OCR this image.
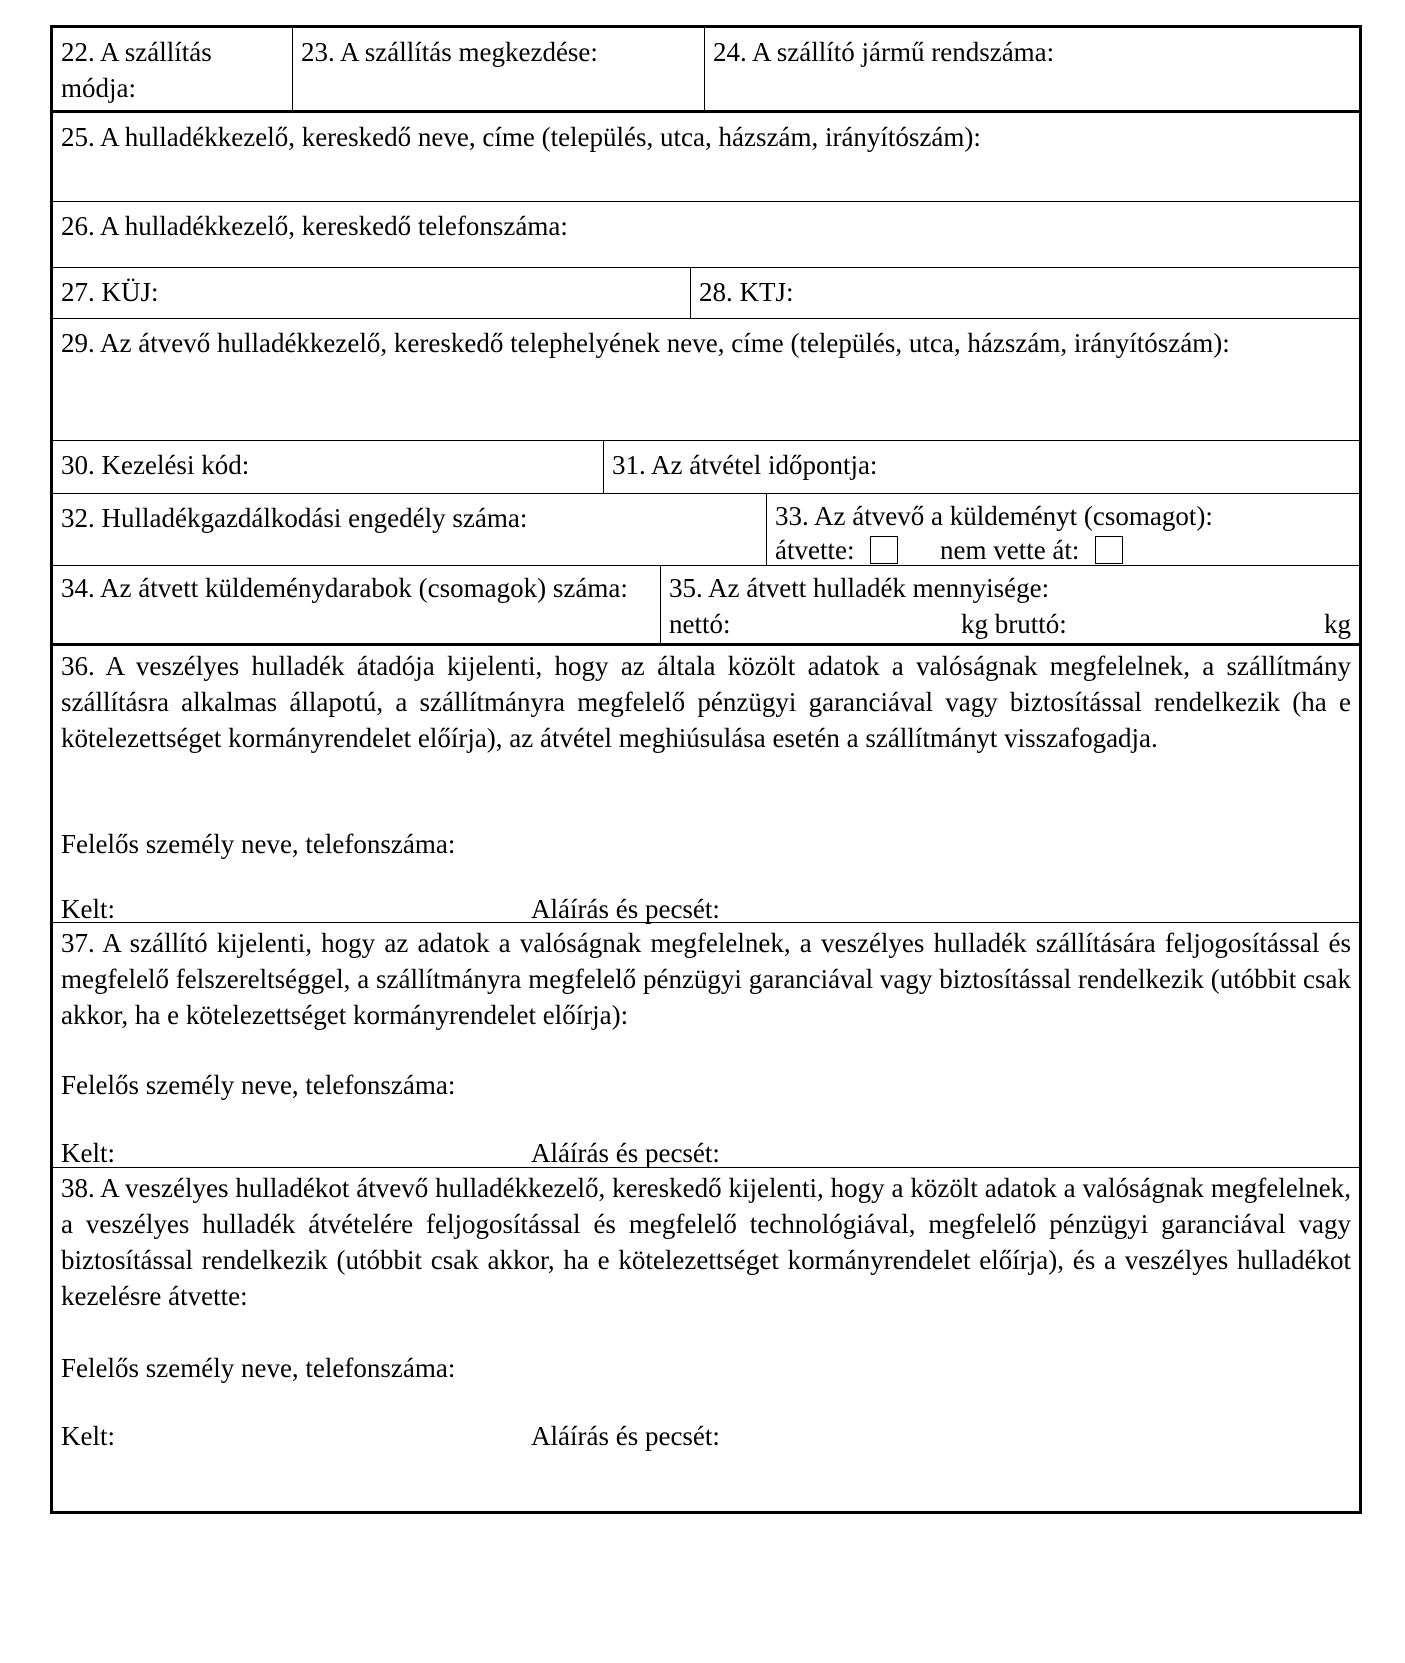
22. A szállítás módja:
23. A szállítás megkezdése:	24. A szállító jármű rendszáma:
25. A hulladékkezelő, kereskedő neve, címe (település, utca, házszám, irányítószám):
26. A hulladékkezelő, kereskedő telefonszáma:
27. KÜJ:	28. KTJ:
29. Az átvevő hulladékkezelő, kereskedő telephelyének neve, címe (település, utca, házszám, irányítószám):
30. Kezelési kód:	31. Az átvétel időpontja:
32. Hulladékgazdálkodási engedély száma:	33. Az átvevő a küldeményt (csomagot):
átvette:	nem vette át:
34. Az átvett küldeménydarabok (csomagok) száma:	35. Az átvett hulladék mennyisége:
nettó:	kg bruttó:	kg
36. A veszélyes hulladék átadója kijelenti, hogy az általa közölt adatok a valóságnak megfelelnek, a szállítmány szállításra alkalmas állapotú, a szállítmányra megfelelő pénzügyi garanciával vagy biztosítással rendelkezik (ha e kötelezettséget kormányrendelet előírja), az átvétel meghiúsulása esetén a szállítmányt visszafogadja.
Felelős személy neve, telefonszáma:
Kelt:	Aláírás és pecsét:
37. A szállító kijelenti, hogy az adatok a valóságnak megfelelnek, a veszélyes hulladék szállítására feljogosítással és megfelelő felszereltséggel, a szállítmányra megfelelő pénzügyi garanciával vagy biztosítással rendelkezik (utóbbit csak akkor, ha e kötelezettséget kormányrendelet előírja):
Felelős személy neve, telefonszáma:
Kelt:	Aláírás és pecsét:
38. A veszélyes hulladékot átvevő hulladékkezelő, kereskedő kijelenti, hogy a közölt adatok a valóságnak megfelelnek, a veszélyes hulladék átvételére feljogosítással és megfelelő technológiával, megfelelő pénzügyi garanciával vagy biztosítással rendelkezik (utóbbit csak akkor, ha e kötelezettséget kormányrendelet előírja), és a veszélyes hulladékot kezelésre átvette:
Felelős személy neve, telefonszáma:
Kelt:	Aláírás és pecsét:
